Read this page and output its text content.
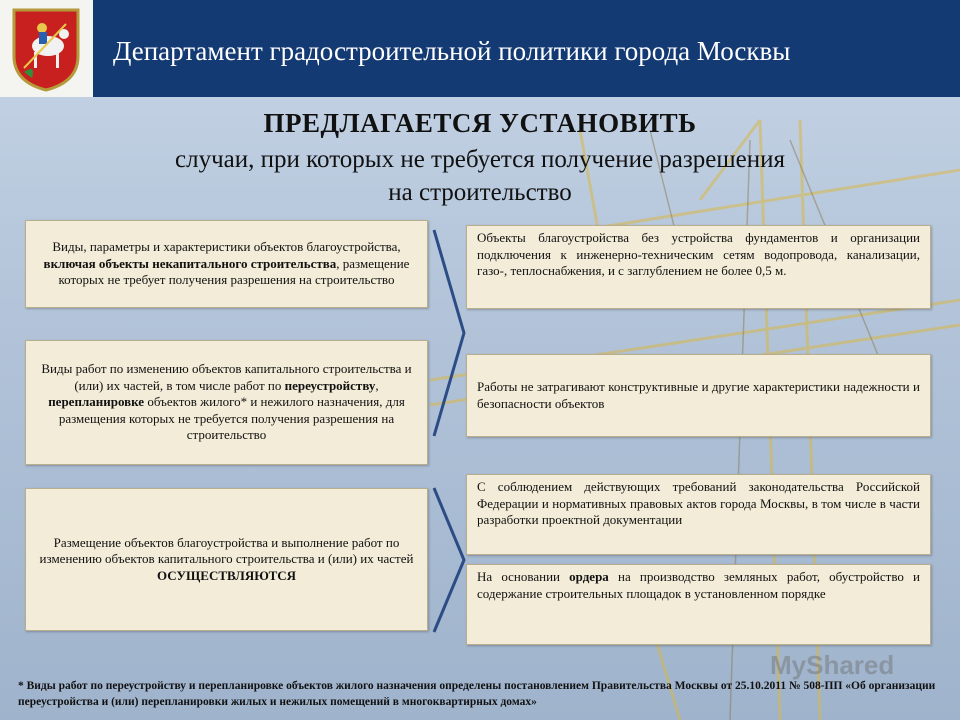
Департамент градостроительной политики города Москвы
ПРЕДЛАГАЕТСЯ УСТАНОВИТЬ
случаи, при которых не требуется получение разрешения
на строительство
Виды, параметры и характеристики объектов благоустройства, включая объекты некапитального строительства, размещение которых не требует получения разрешения на строительство
Виды работ по изменению объектов капитального строительства и (или) их частей, в том числе работ по переустройству, перепланировке объектов жилого* и нежилого назначения, для размещения которых не требуется получения разрешения на строительство
Размещение объектов благоустройства и выполнение работ по изменению объектов капитального строительства и (или) их частей
ОСУЩЕСТВЛЯЮТСЯ
Объекты благоустройства без устройства фундаментов и организации подключения к инженерно-техническим сетям водопровода, канализации, газо-, теплоснабжения, и с заглублением не более 0,5 м.
Работы не затрагивают конструктивные и другие характеристики надежности и безопасности объектов
С соблюдением действующих требований законодательства Российской Федерации и нормативных правовых актов города Москвы, в том числе в части разработки проектной документации
На основании ордера на производство земляных работ, обустройство и содержание строительных площадок в установленном порядке
MyShared
* Виды работ по переустройству и перепланировке объектов жилого назначения определены постановлением Правительства Москвы от 25.10.2011 № 508-ПП «Об организации переустройства и (или) перепланировки жилых и нежилых помещений в многоквартирных домах»
